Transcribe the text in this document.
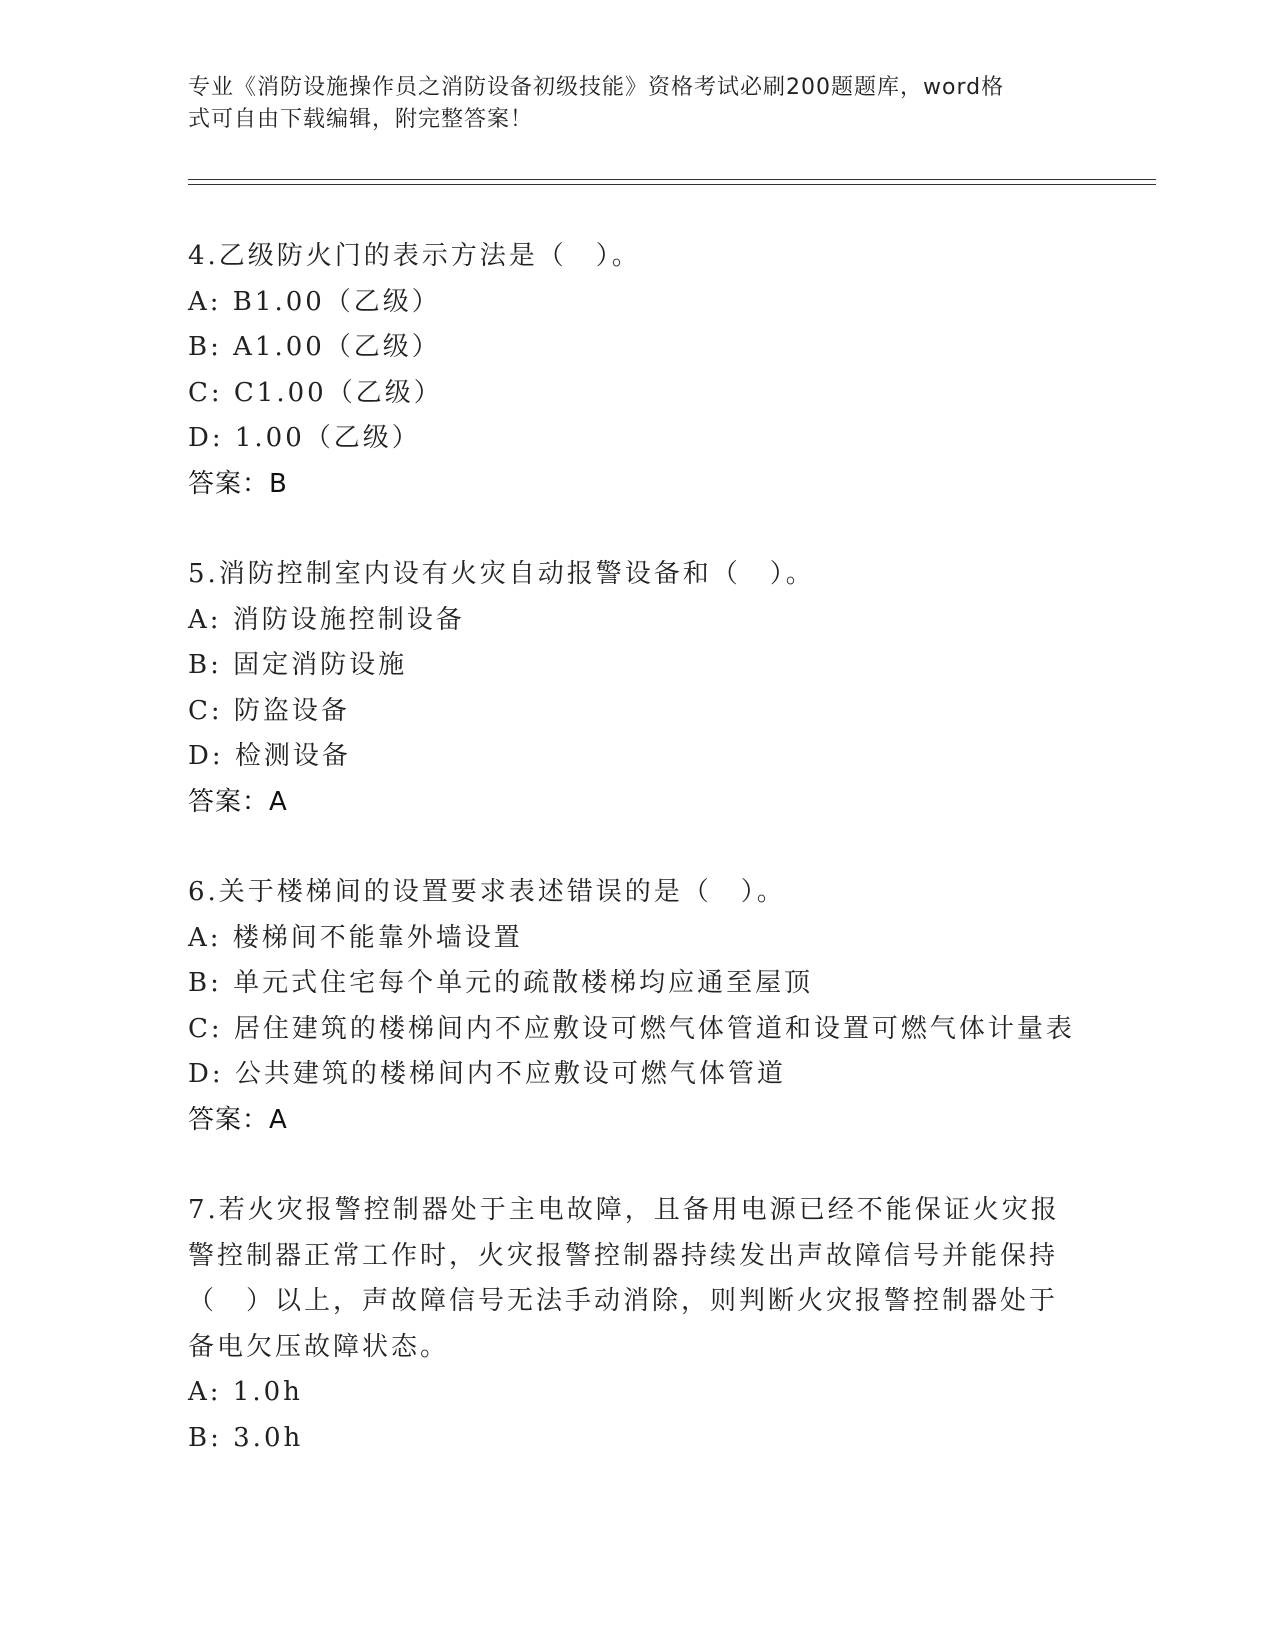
专业《消防设施操作员之消防设备初级技能》资格考试必刷200题题库，word格
式可自由下载编辑，附完整答案！
4.乙级防火门的表示方法是（　）。
A: B1.00（乙级）
B: A1.00（乙级）
C: C1.00（乙级）
D: 1.00（乙级）
答案：B
5.消防控制室内设有火灾自动报警设备和（　）。
A: 消防设施控制设备
B: 固定消防设施
C: 防盗设备
D: 检测设备
答案：A
6.关于楼梯间的设置要求表述错误的是（　）。
A: 楼梯间不能靠外墙设置
B: 单元式住宅每个单元的疏散楼梯均应通至屋顶
C: 居住建筑的楼梯间内不应敷设可燃气体管道和设置可燃气体计量表
D: 公共建筑的楼梯间内不应敷设可燃气体管道
答案：A
7.若火灾报警控制器处于主电故障，且备用电源已经不能保证火灾报
警控制器正常工作时，火灾报警控制器持续发出声故障信号并能保持
（　）以上，声故障信号无法手动消除，则判断火灾报警控制器处于
备电欠压故障状态。
A: 1.0h
B: 3.0h
